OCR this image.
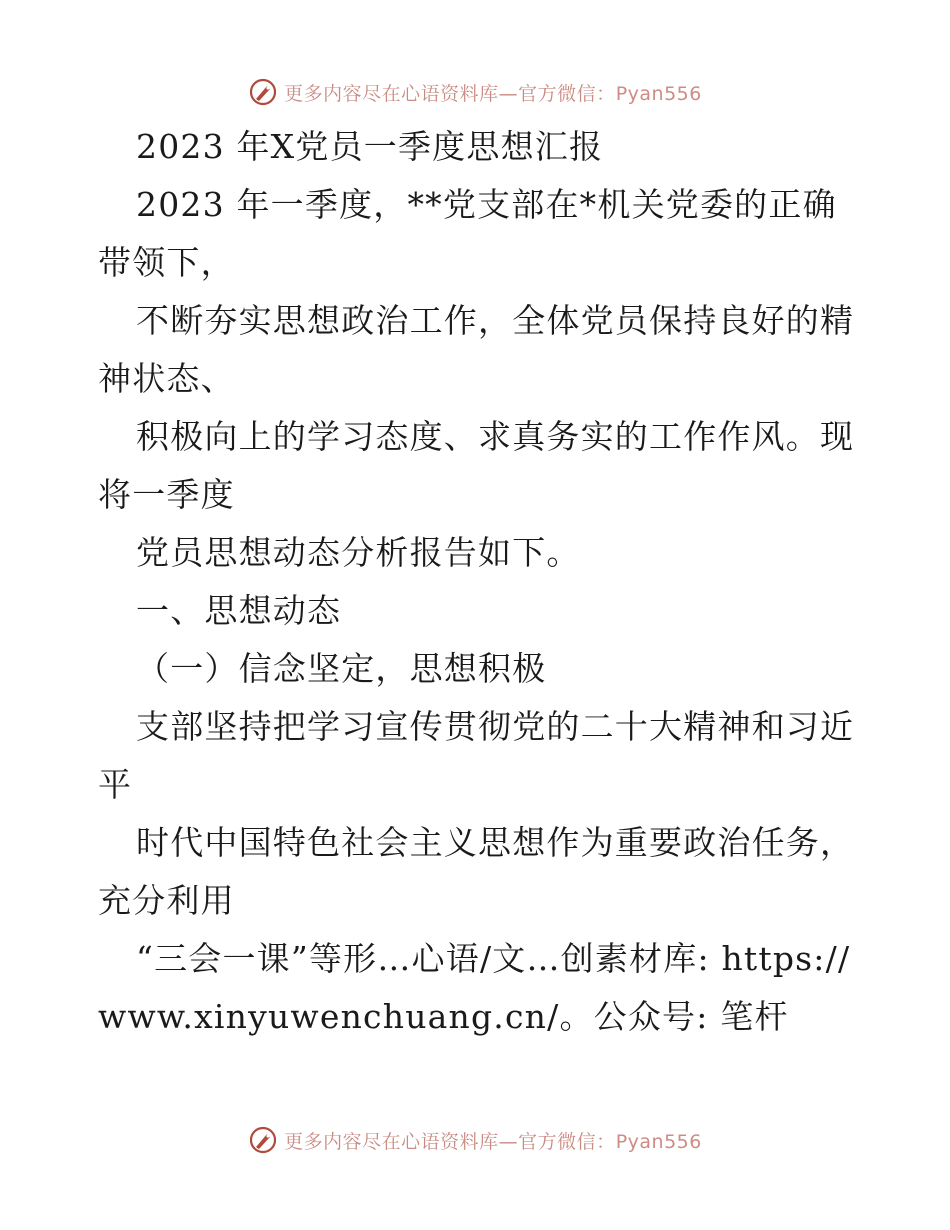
更多内容尽在心语资料库—官方微信：Pyan556

2023 年X党员一季度思想汇报

2023 年一季度，**党支部在*机关党委的正确带领下，

不断夯实思想政治工作，全体党员保持良好的精神状态、

积极向上的学习态度、求真务实的工作作风。现将一季度

党员思想动态分析报告如下。

一、思想动态

（一）信念坚定，思想积极

支部坚持把学习宣传贯彻党的二十大精神和习近平

时代中国特色社会主义思想作为重要政治任务，充分利用

“三会一课”等形…心语/文…创素材库: https://www.xinyuwenchuang.cn/。公众号: 笔杆

更多内容尽在心语资料库—官方微信：Pyan556
